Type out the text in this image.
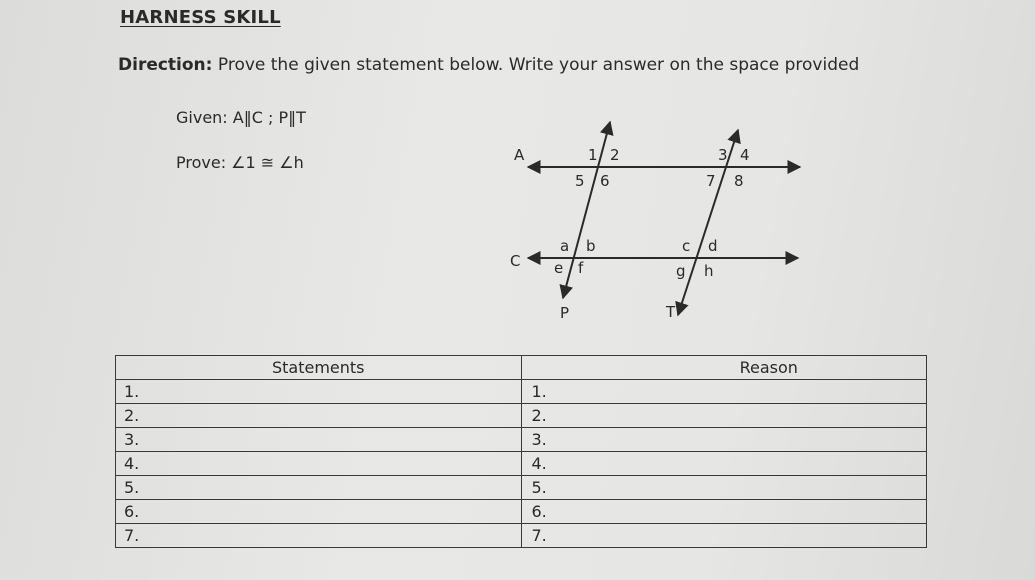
HARNESS SKILL
Direction: Prove the given statement below. Write your answer on the space provided
Given: A‖C ; P‖T
Prove: ∠1 ≅ ∠h	A
C
P	T
1 2
5 6
3 4
7 8
a b
e f
c d
g h
Statements	Reason
1.	1.
2.	2.
3.	3.
4.	4.
5.	5.
6.	6.
7.	7.
